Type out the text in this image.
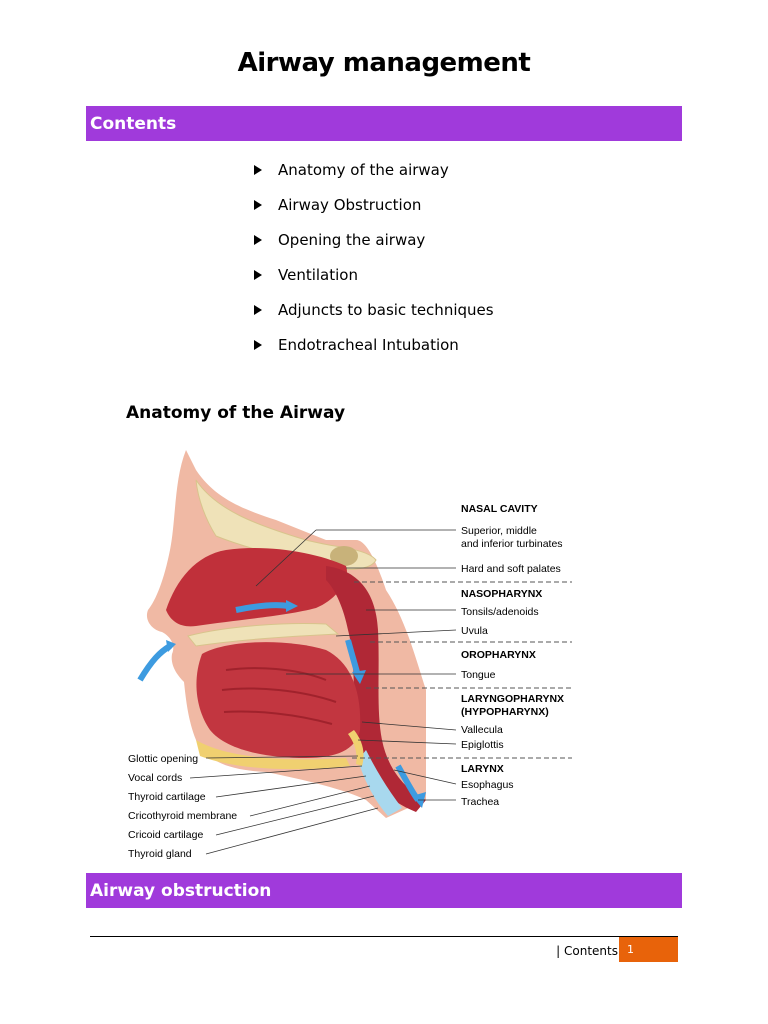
Airway management
Contents
Anatomy of the airway
Airway Obstruction
Opening the airway
Ventilation
Adjuncts to basic techniques
Endotracheal Intubation
Anatomy of the Airway
NASAL CAVITY
Superior, middle
and inferior turbinates
Hard and soft palates
NASOPHARYNX
Tonsils/adenoids
Uvula
OROPHARYNX
Tongue
LARYNGOPHARYNX
(HYPOPHARYNX)
Vallecula
Epiglottis
LARYNX
Esophagus
Trachea
Glottic opening
Vocal cords
Thyroid cartilage
Cricothyroid membrane
Cricoid cartilage
Thyroid gland
Airway obstruction
| Contents 1
